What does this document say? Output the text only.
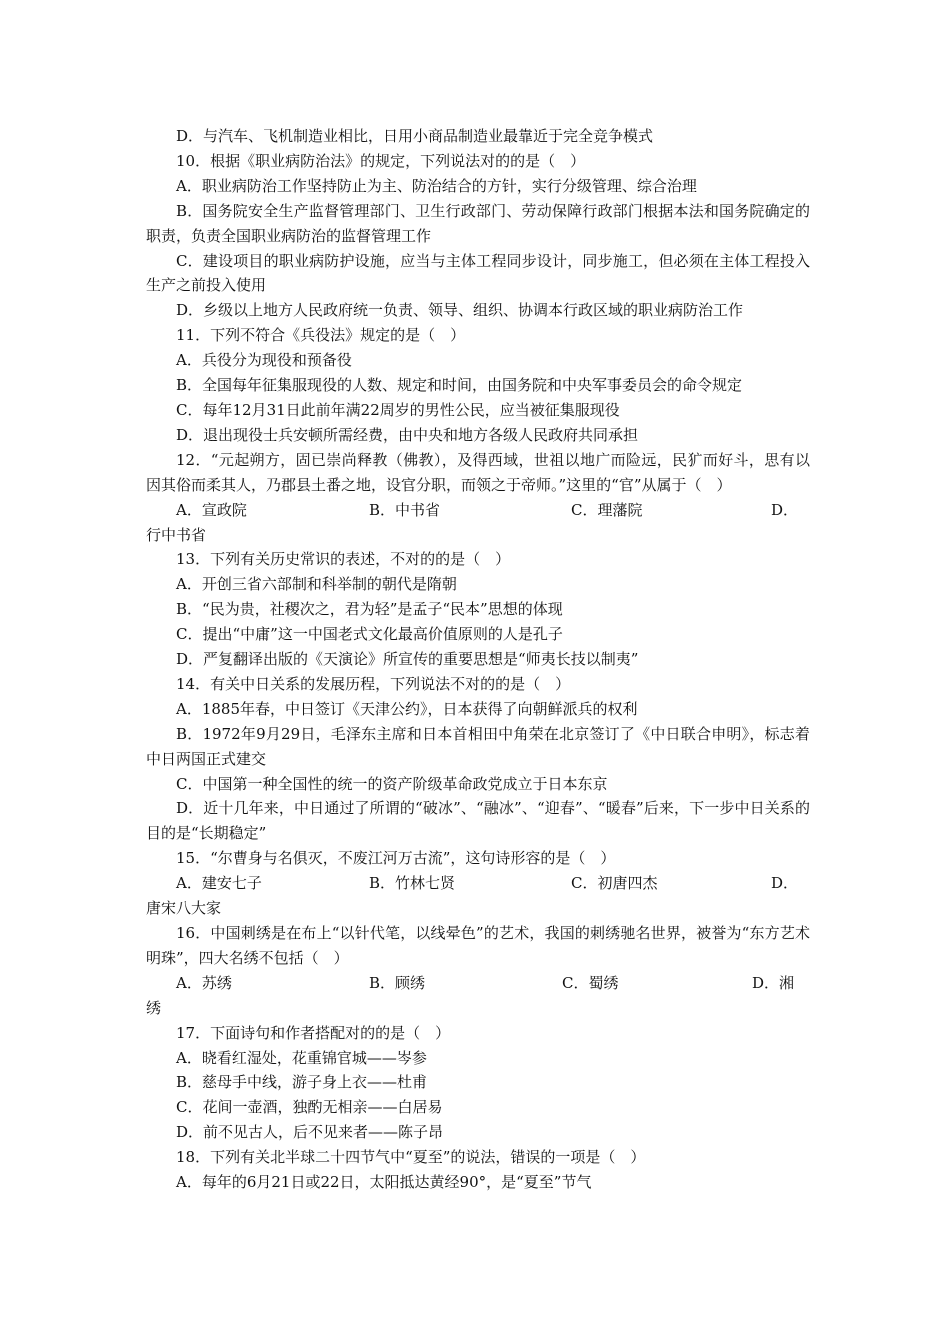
D．与汽车、飞机制造业相比，日用小商品制造业最靠近于完全竞争模式

10．根据《职业病防治法》的规定，下列说法对的的是（　）

A．职业病防治工作坚持防止为主、防治结合的方针，实行分级管理、综合治理

B．国务院安全生产监督管理部门、卫生行政部门、劳动保障行政部门根据本法和国务院确定的职责，负责全国职业病防治的监督管理工作

C．建设项目的职业病防护设施，应当与主体工程同步设计，同步施工，但必须在主体工程投入生产之前投入使用

D．乡级以上地方人民政府统一负责、领导、组织、协调本行政区域的职业病防治工作

11．下列不符合《兵役法》规定的是（　）

A．兵役分为现役和预备役

B．全国每年征集服现役的人数、规定和时间，由国务院和中央军事委员会的命令规定

C．每年12月31日此前年满22周岁的男性公民，应当被征集服现役

D．退出现役士兵安顿所需经费，由中央和地方各级人民政府共同承担

12．“元起朔方，固已崇尚释教（佛教），及得西域，世祖以地广而险远，民犷而好斗，思有以因其俗而柔其人，乃郡县土番之地，设官分职，而领之于帝师。”这里的“官”从属于（　）

A．宣政院	B．中书省	C．理藩院	D．

行中书省

13．下列有关历史常识的表述，不对的的是（　）

A．开创三省六部制和科举制的朝代是隋朝

B．“民为贵，社稷次之，君为轻”是孟子“民本”思想的体现

C．提出“中庸”这一中国老式文化最高价值原则的人是孔子

D．严复翻译出版的《天演论》所宣传的重要思想是“师夷长技以制夷”

14．有关中日关系的发展历程，下列说法不对的的是（　）

A．1885年春，中日签订《天津公约》，日本获得了向朝鲜派兵的权利

B．1972年9月29日，毛泽东主席和日本首相田中角荣在北京签订了《中日联合申明》，标志着中日两国正式建交

C．中国第一种全国性的统一的资产阶级革命政党成立于日本东京

D．近十几年来，中日通过了所谓的“破冰”、“融冰”、“迎春”、“暖春”后来，下一步中日关系的目的是“长期稳定”

15．“尔曹身与名俱灭，不废江河万古流”，这句诗形容的是（　）

A．建安七子	B．竹林七贤	C．初唐四杰	D．

唐宋八大家

16．中国刺绣是在布上“以针代笔，以线晕色”的艺术，我国的刺绣驰名世界，被誉为“东方艺术明珠”，四大名绣不包括（　）

A．苏绣	B．顾绣	C．蜀绣	D．湘

绣

17．下面诗句和作者搭配对的的是（　）

A．晓看红湿处，花重锦官城——岑参

B．慈母手中线，游子身上衣——杜甫

C．花间一壶酒，独酌无相亲——白居易

D．前不见古人，后不见来者——陈子昂

18．下列有关北半球二十四节气中“夏至”的说法，错误的一项是（　）

A．每年的6月21日或22日，太阳抵达黄经90°，是“夏至”节气
